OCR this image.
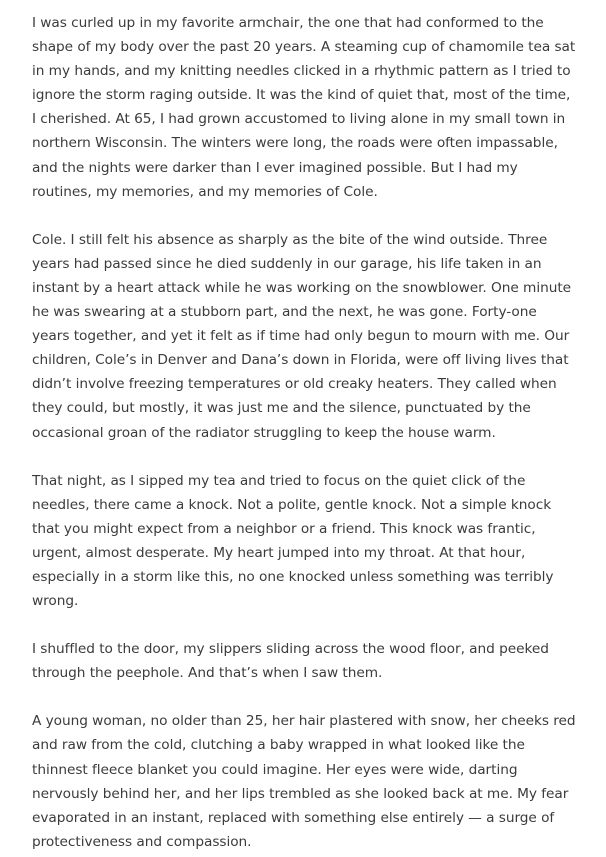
I was curled up in my favorite armchair, the one that had conformed to the shape of my body over the past 20 years. A steaming cup of chamomile tea sat in my hands, and my knitting needles clicked in a rhythmic pattern as I tried to ignore the storm raging outside. It was the kind of quiet that, most of the time, I cherished. At 65, I had grown accustomed to living alone in my small town in northern Wisconsin. The winters were long, the roads were often impassable, and the nights were darker than I ever imagined possible. But I had my routines, my memories, and my memories of Cole.

Cole. I still felt his absence as sharply as the bite of the wind outside. Three years had passed since he died suddenly in our garage, his life taken in an instant by a heart attack while he was working on the snowblower. One minute he was swearing at a stubborn part, and the next, he was gone. Forty-one years together, and yet it felt as if time had only begun to mourn with me. Our children, Cole’s in Denver and Dana’s down in Florida, were off living lives that didn’t involve freezing temperatures or old creaky heaters. They called when they could, but mostly, it was just me and the silence, punctuated by the occasional groan of the radiator struggling to keep the house warm.

That night, as I sipped my tea and tried to focus on the quiet click of the needles, there came a knock. Not a polite, gentle knock. Not a simple knock that you might expect from a neighbor or a friend. This knock was frantic, urgent, almost desperate. My heart jumped into my throat. At that hour, especially in a storm like this, no one knocked unless something was terribly wrong.

I shuffled to the door, my slippers sliding across the wood floor, and peeked through the peephole. And that’s when I saw them.

A young woman, no older than 25, her hair plastered with snow, her cheeks red and raw from the cold, clutching a baby wrapped in what looked like the thinnest fleece blanket you could imagine. Her eyes were wide, darting nervously behind her, and her lips trembled as she looked back at me. My fear evaporated in an instant, replaced with something else entirely — a surge of protectiveness and compassion.
